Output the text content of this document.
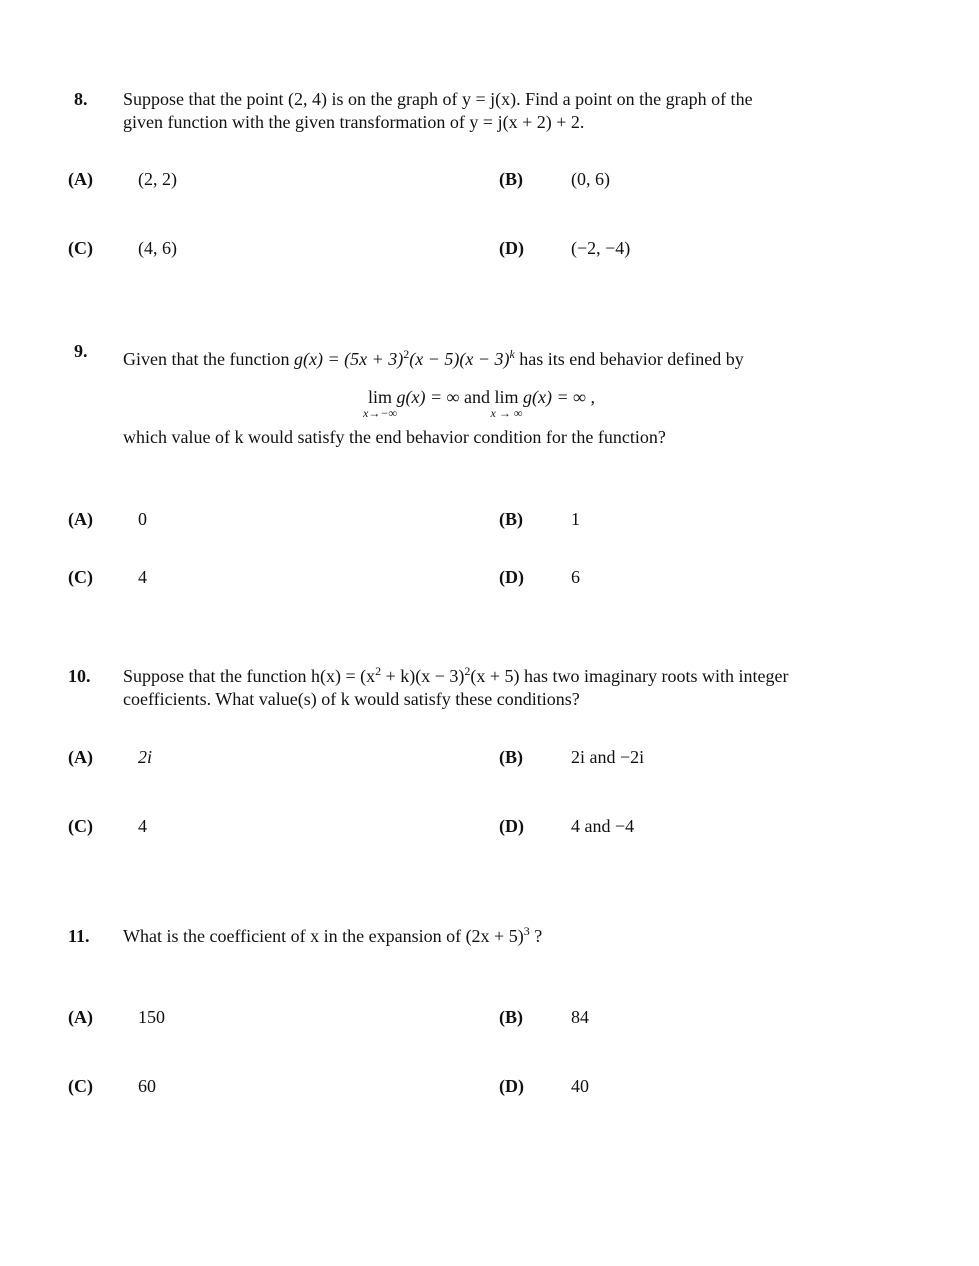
8. Suppose that the point (2, 4) is on the graph of y = j(x). Find a point on the graph of the
given function with the given transformation of y = j(x + 2) + 2.
(A)	(2, 2)	(B)	(0, 6)
(C)	(4, 6)	(D)	(−2, −4)
9. Given that the function $g(x) = (5x + 3)^2(x - 5)(x - 3)^k$ has its end behavior defined by
lim
x→−∞
g(x) = ∞ and lim
x → ∞
g(x) = ∞ ,
which value of k would satisfy the end behavior condition for the function?
(A)	0	(B)	1
(C)	4	(D)	6
10. Suppose that the function $h(x) = (x^2 + k)(x - 3)^2(x + 5)$ has two imaginary roots with integer
coefficients. What value(s) of k would satisfy these conditions?
(A)	2i	(B)	2i and −2i
(C)	4	(D)	4 and −4
11. What is the coefficient of x in the expansion of $(2x + 5)^3$ ?
(A)	150	(B)	84
(C)	60	(D)	40
